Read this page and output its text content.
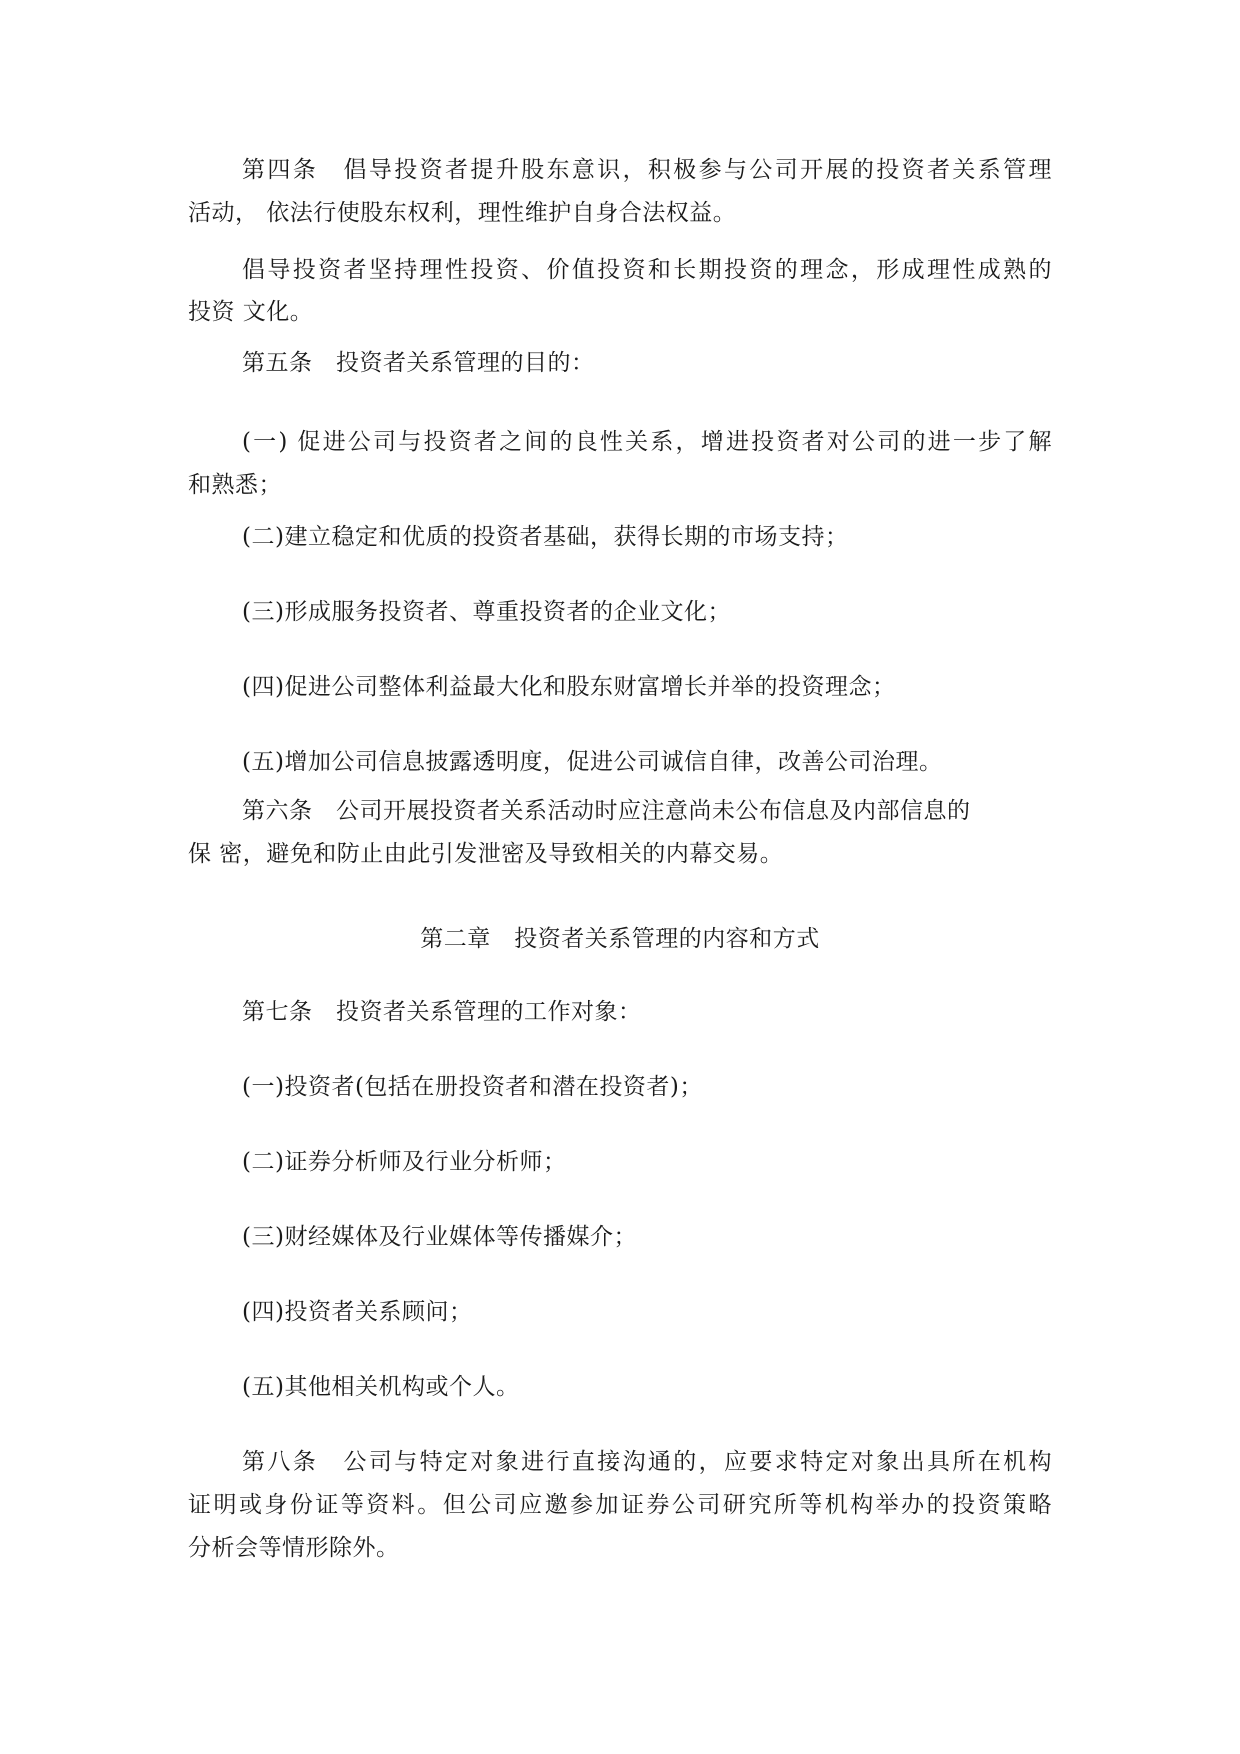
第四条　倡导投资者提升股东意识，积极参与公司开展的投资者关系管理
活动， 依法行使股东权利，理性维护自身合法权益。
倡导投资者坚持理性投资、价值投资和长期投资的理念，形成理性成熟的
投资 文化。
第五条　投资者关系管理的目的：
(一) 促进公司与投资者之间的良性关系，增进投资者对公司的进一步了解
和熟悉；
(二)建立稳定和优质的投资者基础，获得长期的市场支持；
(三)形成服务投资者、尊重投资者的企业文化；
(四)促进公司整体利益最大化和股东财富增长并举的投资理念；
(五)增加公司信息披露透明度，促进公司诚信自律，改善公司治理。
第六条　公司开展投资者关系活动时应注意尚未公布信息及内部信息的
保 密，避免和防止由此引发泄密及导致相关的内幕交易。
第二章　投资者关系管理的内容和方式
第七条　投资者关系管理的工作对象：
(一)投资者(包括在册投资者和潜在投资者)；
(二)证券分析师及行业分析师；
(三)财经媒体及行业媒体等传播媒介；
(四)投资者关系顾问；
(五)其他相关机构或个人。
第八条　公司与特定对象进行直接沟通的，应要求特定对象出具所在机构
证明或身份证等资料。但公司应邀参加证券公司研究所等机构举办的投资策略
分析会等情形除外。
